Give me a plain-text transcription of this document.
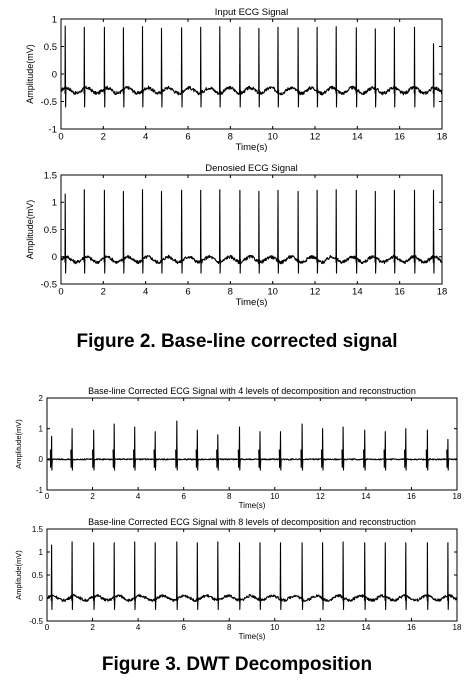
Input ECG Signal
0	2	4	6	8	10	12	14	16	18
-1
-0.5
0
0.5
1
Time(s)
Amplitude(mV)
Denosied ECG Signal
0	2	4	6	8	10	12	14	16	18
-0.5
0
0.5
1
1.5
Time(s)
Amplitude(mV)
Base-line Corrected ECG Signal with 4 levels of decomposition and reconstruction
0	2	4	6	8	10	12	14	16	18
-1
0
1
2
Time(s)
Amplitude(mV)
Base-line Corrected ECG Signal with 8 levels of decomposition and reconstruction
0	2	4	6	8	10	12	14	16	18
-0.5
0
0.5
1
1.5
Time(s)
Amplitude(mV)
Figure 2. Base-line corrected signal
Figure 3. DWT Decomposition
